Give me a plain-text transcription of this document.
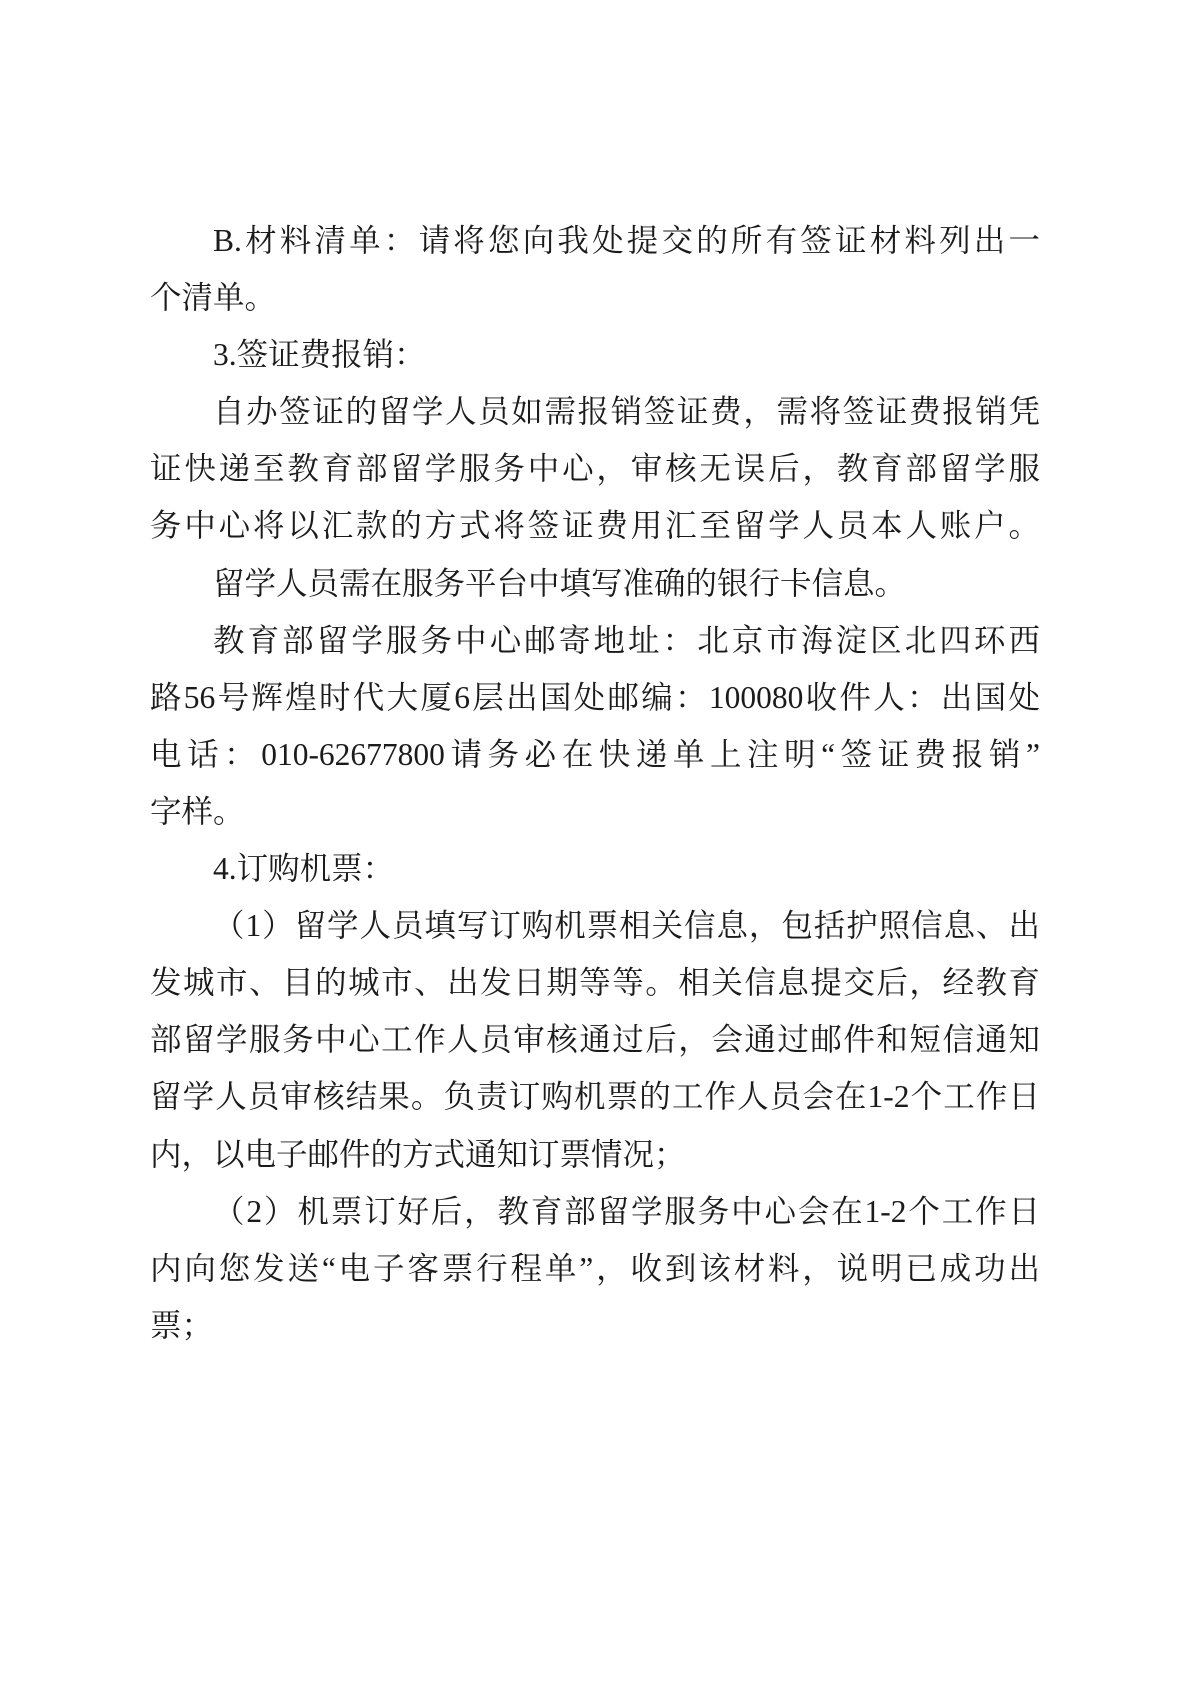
B.材料清单：请将您向我处提交的所有签证材料列出一
个清单。
3.签证费报销：
自办签证的留学人员如需报销签证费，需将签证费报销凭
证快递至教育部留学服务中心，审核无误后，教育部留学服
务中心将以汇款的方式将签证费用汇至留学人员本人账户。
留学人员需在服务平台中填写准确的银行卡信息。
教育部留学服务中心邮寄地址：北京市海淀区北四环西
路56号辉煌时代大厦6层出国处邮编：100080收件人：出国处
电话：010-62677800请务必在快递单上注明“签证费报销”
字样。
4.订购机票：
（1）留学人员填写订购机票相关信息，包括护照信息、出
发城市、目的城市、出发日期等等。相关信息提交后，经教育
部留学服务中心工作人员审核通过后，会通过邮件和短信通知
留学人员审核结果。负责订购机票的工作人员会在1-2个工作日
内，以电子邮件的方式通知订票情况；
（2）机票订好后，教育部留学服务中心会在1-2个工作日
内向您发送“电子客票行程单”，收到该材料，说明已成功出
票；
